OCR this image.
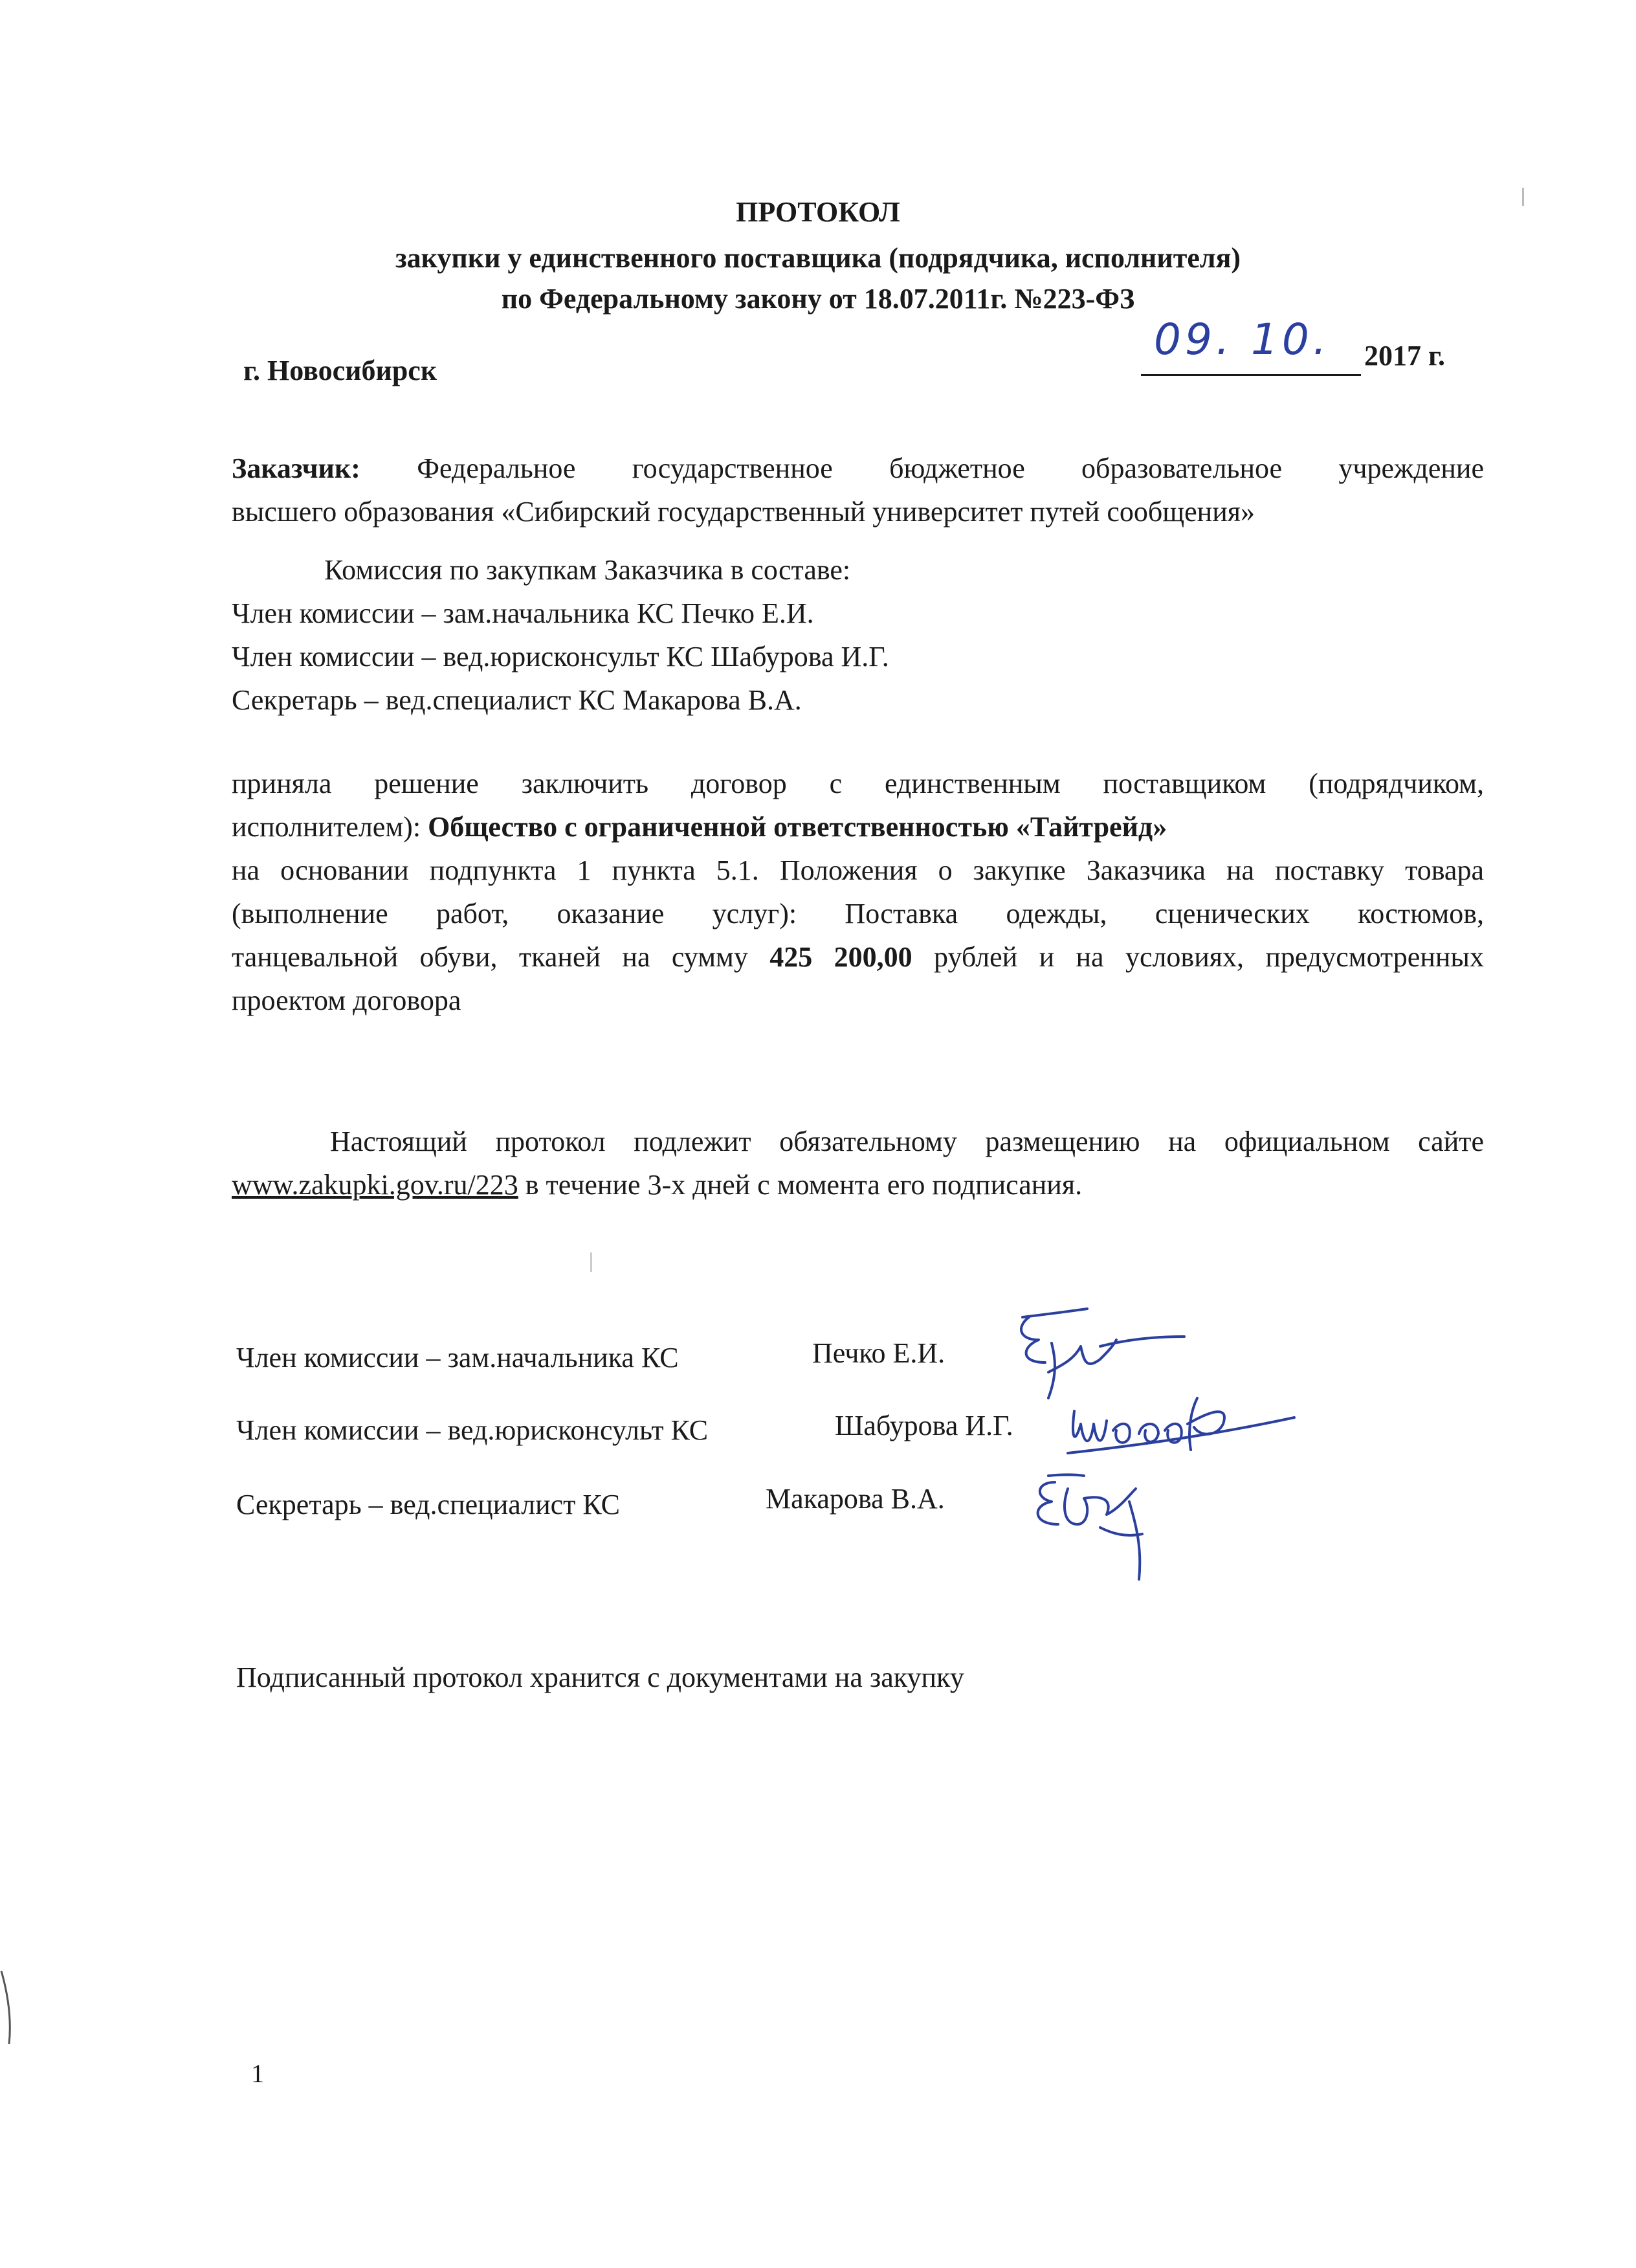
ПРОТОКОЛ
закупки у единственного поставщика (подрядчика, исполнителя)
по Федеральному закону от 18.07.2011г. №223-ФЗ
г. Новосибирск
09. 10. 2017 г.
Заказчик: Федеральное государственное бюджетное образовательное учреждение
высшего образования «Сибирский государственный университет путей сообщения»
Комиссия по закупкам Заказчика в составе:
Член комиссии – зам.начальника КС Печко Е.И.
Член комиссии – вед.юрисконсульт КС Шабурова И.Г.
Секретарь – вед.специалист КС Макарова В.А.
приняла решение заключить договор с единственным поставщиком (подрядчиком,
исполнителем): Общество с ограниченной ответственностью «Тайтрейд»
на основании подпункта 1 пункта 5.1. Положения о закупке Заказчика на поставку товара
(выполнение работ, оказание услуг): Поставка одежды, сценических костюмов,
танцевальной обуви, тканей на сумму 425 200,00 рублей и на условиях, предусмотренных
проектом договора
Настоящий протокол подлежит обязательному размещению на официальном сайте
www.zakupki.gov.ru/223 в течение 3-х дней с момента его подписания.
Член комиссии – зам.начальника КС	Печко Е.И.
Член комиссии – вед.юрисконсульт КС	Шабурова И.Г.
Секретарь – вед.специалист КС	Макарова В.А.
Подписанный протокол хранится с документами на закупку
1
